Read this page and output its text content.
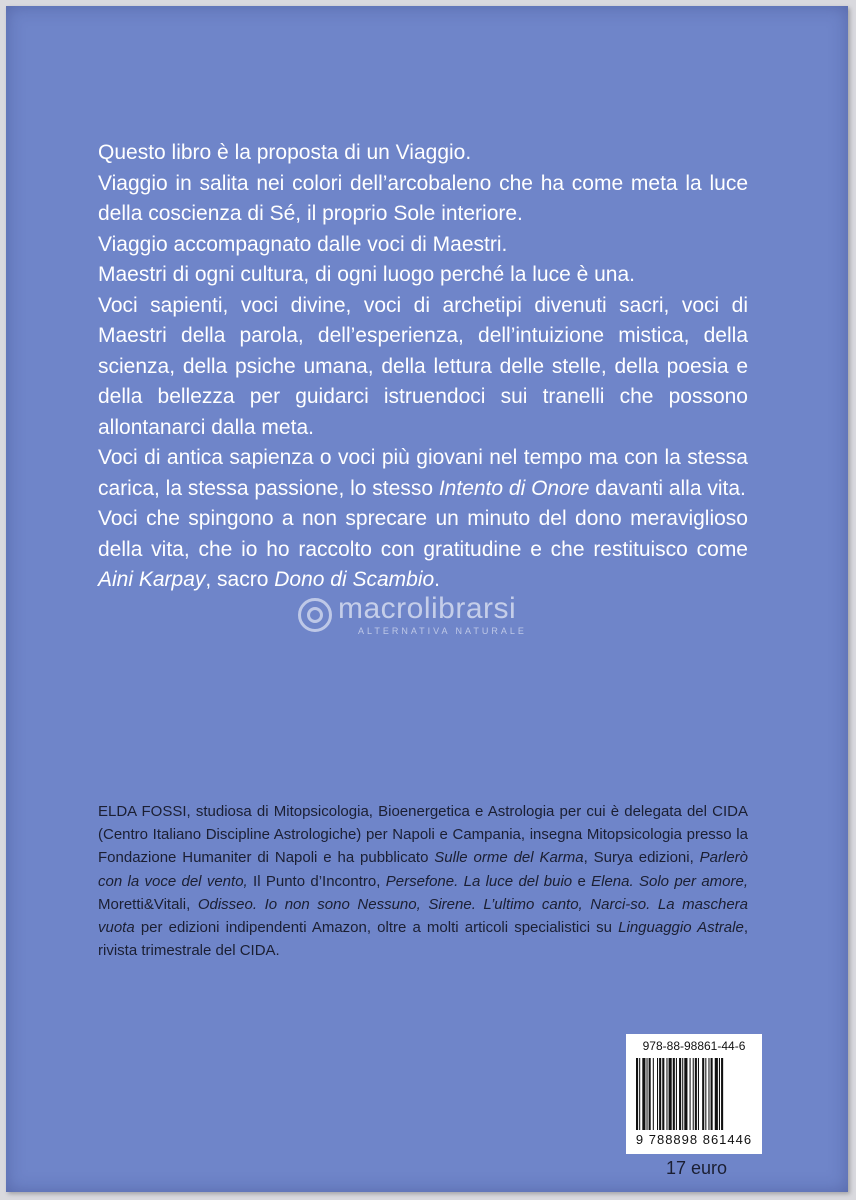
Questo libro è la proposta di un Viaggio.

Viaggio in salita nei colori dell’arcobaleno che ha come meta la luce della coscienza di Sé, il proprio Sole interiore.

Viaggio accompagnato dalle voci di Maestri.

Maestri di ogni cultura, di ogni luogo perché la luce è una.

Voci sapienti, voci divine, voci di archetipi divenuti sacri, voci di Maestri della parola, dell’esperienza, dell’intuizione mistica, della scienza, della psiche umana, della lettura delle stelle, della poesia e della bellezza per guidarci istruendoci sui tranelli che possono allontanarci dalla meta.

Voci di antica sapienza o voci più giovani nel tempo ma con la stessa carica, la stessa passione, lo stesso Intento di Onore davanti alla vita.

Voci che spingono a non sprecare un minuto del dono meraviglioso della vita, che io ho raccolto con gratitudine e che restituisco come Aini Karpay, sacro Dono di Scambio.

macrolibrarsi
ALTERNATIVA NATURALE

ELDA FOSSI, studiosa di Mitopsicologia, Bioenergetica e Astrologia per cui è delegata del CIDA (Centro Italiano Discipline Astrologiche) per Napoli e Campania, insegna Mitopsicologia presso la Fondazione Humaniter di Napoli e ha pubblicato Sulle orme del Karma, Surya edizioni, Parlerò con la voce del vento, Il Punto d’Incontro, Persefone. La luce del buio e Elena. Solo per amore, Moretti&Vitali, Odisseo. Io non sono Nessuno, Sirene. L’ultimo canto, Narci-so. La maschera vuota per edizioni indipendenti Amazon, oltre a molti articoli specialistici su Linguaggio Astrale, rivista trimestrale del CIDA.

978-88-98861-44-6
9 788898 861446
17 euro
